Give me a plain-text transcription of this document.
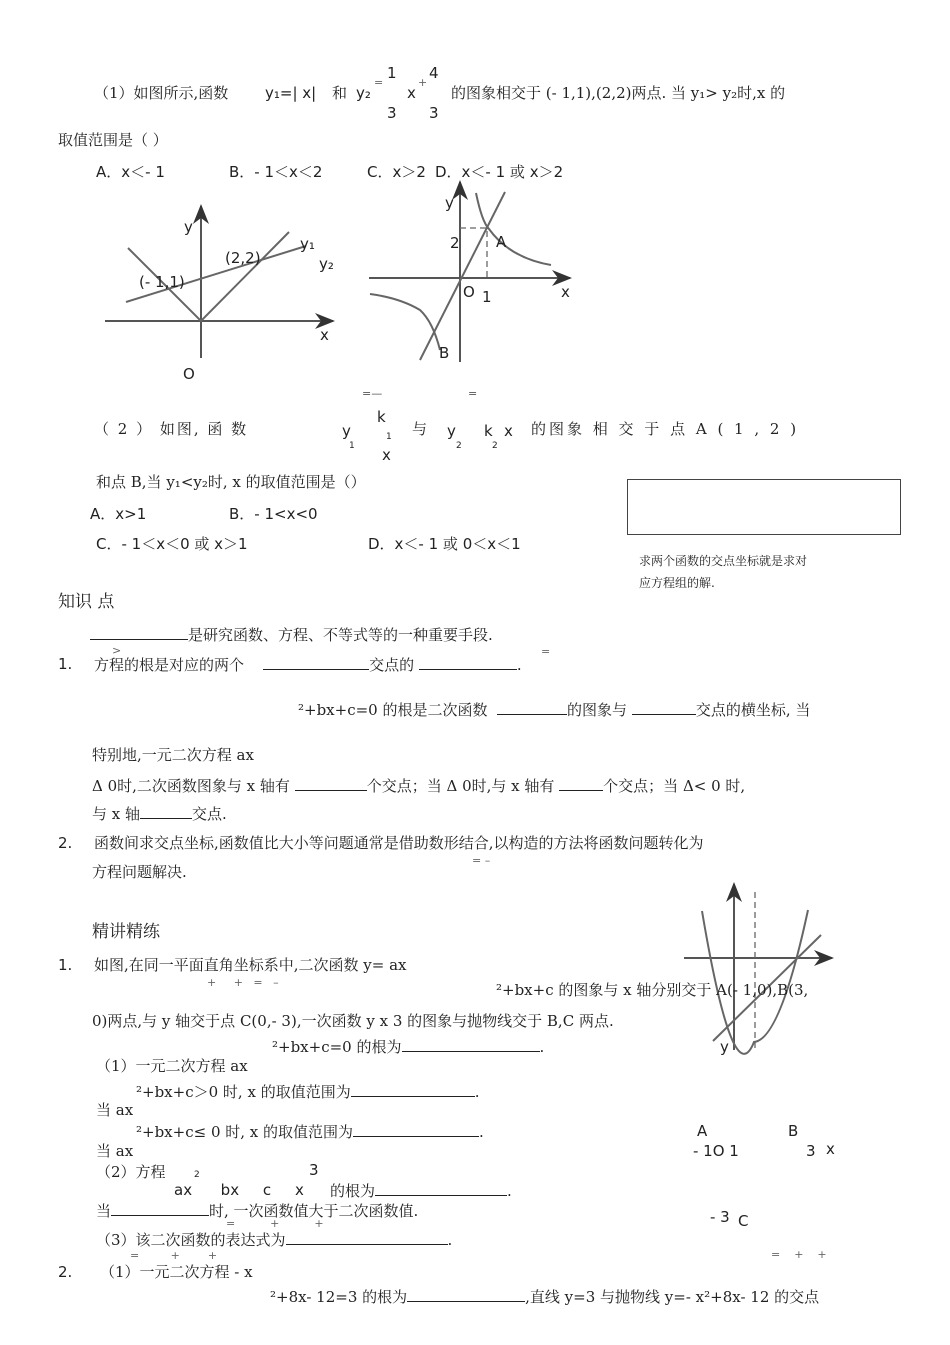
（1）如图所示,函数 y₁=| x| 和 y₂
=
1
3
x
+
4
3
的图象相交于 (- 1,1),(2,2)两点. 当 y₁> y₂时,x 的
取值范围是（ ）
A．x＜- 1	B．- 1＜x＜2	C．x＞2 D．x＜- 1 或 x＞2
y
x
O
(- 1,1)
(2,2)
y₁
y₂
y
x
O
2
1
A
B
y
x
A	B
- 1O 1	3
- 3 C
=—	=
（ 2 ） 如图, 函 数	y
1
k
1
x
与 y
2
k
2
x 的图象 相 交 于 点 A ( 1 , 2 )
和点 B,当 y₁<y₂时, x 的取值范围是（）
A．x>1	B．- 1<x<0
C．- 1＜x＜0 或 x＞1	D．x＜- 1 或 0＜x＜1
求两个函数的交点坐标就是求对
应方程组的解.
知识 点
是研究函数、方程、不等式等的一种重要手段.
>	=
1. 方程的根是对应的两个	交点的	.
²+bx+c=0 的根是二次函数	的图象与	交点的横坐标, 当
特别地,一元二次方程 ax
Δ 0时,二次函数图象与 x 轴有	个交点；当 Δ 0时,与 x 轴有	个交点；当 Δ< 0 时,
与 x 轴	交点.
2. 函数间求交点坐标,函数值比大小等问题通常是借助数形结合,以构造的方法将函数问题转化为
= –
方程问题解决.
精讲精练
1. 如图,在同一平面直角坐标系中,二次函数 y= ax
+     +   =   –	²+bx+c 的图象与 x 轴分别交于 A(- 1,0),B(3,
0)两点,与 y 轴交于点 C(0,- 3),一次函数 y x 3 的图象与抛物线交于 B,C 两点.
²+bx+c=0 的根为	.
（1）一元二次方程 ax
²+bx+c＞0 时, x 的取值范围为	.
当 ax
²+bx+c≤ 0 时, x 的取值范围为	.
当 ax
（2）方程	2	3
ax      bx     c     x 的根为	.
当	时, 一次函数值大于二次函数值.
=          +          +
（3）该二次函数的表达式为	.
=         +        +
2. （1）一元二次方程 - x
=    +    +
²+8x- 12=3 的根为	,直线 y=3 与抛物线 y=- x²+8x- 12 的交点
